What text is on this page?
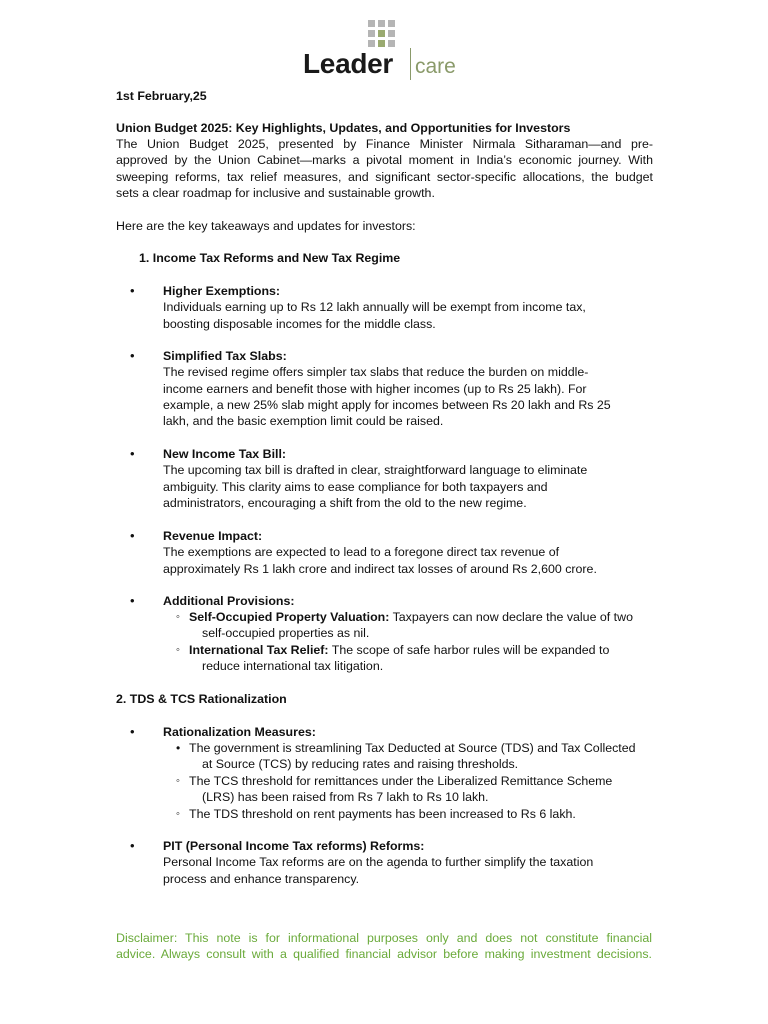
Leader care
1st February,25
Union Budget 2025: Key Highlights, Updates, and Opportunities for Investors
The Union Budget 2025, presented by Finance Minister Nirmala Sitharaman—and pre-
approved by the Union Cabinet—marks a pivotal moment in India’s economic journey. With
sweeping reforms, tax relief measures, and significant sector-specific allocations, the budget
sets a clear roadmap for inclusive and sustainable growth.
Here are the key takeaways and updates for investors:
1. Income Tax Reforms and New Tax Regime
• Higher Exemptions:
Individuals earning up to Rs 12 lakh annually will be exempt from income tax,
boosting disposable incomes for the middle class.
• Simplified Tax Slabs:
The revised regime offers simpler tax slabs that reduce the burden on middle-
income earners and benefit those with higher incomes (up to Rs 25 lakh). For
example, a new 25% slab might apply for incomes between Rs 20 lakh and Rs 25
lakh, and the basic exemption limit could be raised.
• New Income Tax Bill:
The upcoming tax bill is drafted in clear, straightforward language to eliminate
ambiguity. This clarity aims to ease compliance for both taxpayers and
administrators, encouraging a shift from the old to the new regime.
• Revenue Impact:
The exemptions are expected to lead to a foregone direct tax revenue of
approximately Rs 1 lakh crore and indirect tax losses of around Rs 2,600 crore.
• Additional Provisions:
◦ Self-Occupied Property Valuation: Taxpayers can now declare the value of two
self-occupied properties as nil.
◦ International Tax Relief: The scope of safe harbor rules will be expanded to
reduce international tax litigation.
2. TDS & TCS Rationalization
• Rationalization Measures:
• The government is streamlining Tax Deducted at Source (TDS) and Tax Collected
at Source (TCS) by reducing rates and raising thresholds.
◦ The TCS threshold for remittances under the Liberalized Remittance Scheme
(LRS) has been raised from Rs 7 lakh to Rs 10 lakh.
◦ The TDS threshold on rent payments has been increased to Rs 6 lakh.
• PIT (Personal Income Tax reforms) Reforms:
Personal Income Tax reforms are on the agenda to further simplify the taxation
process and enhance transparency.
Disclaimer: This note is for informational purposes only and does not constitute financial
advice. Always consult with a qualified financial advisor before making investment decisions.
